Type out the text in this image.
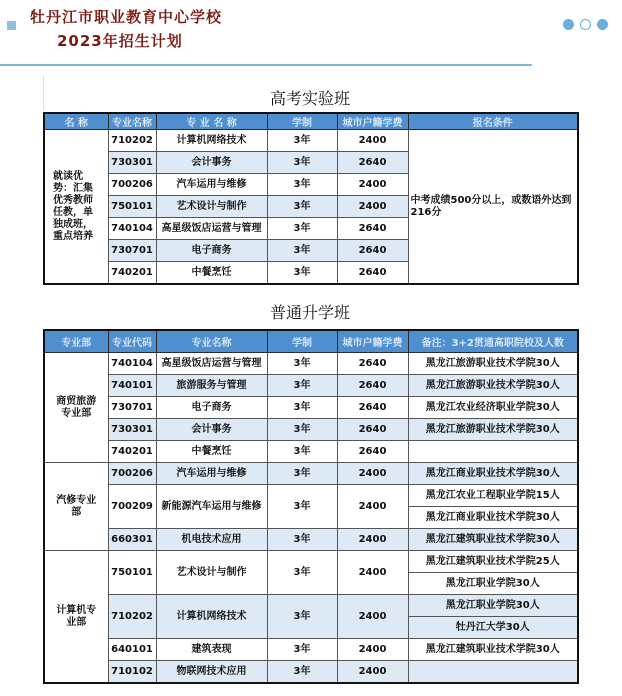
牡丹江市职业教育中心学校
2023年招生计划
高考实验班
名 称	专业名称	专 业 名 称	学制	城市户籍学费	报名条件
就读优势：汇集优秀教师任教，单独成班，重点培养	710202	计算机网络技术	3年	2400	中考成绩500分以上，或数语外达到216分
	730301	会计事务	3年	2640	
	700206	汽车运用与维修	3年	2400	
	750101	艺术设计与制作	3年	2400	
	740104	高星级饭店运营与管理	3年	2640	
	730701	电子商务	3年	2640	
	740201	中餐烹饪	3年	2640	
普通升学班
专业部	专业代码	专业名称	学制	城市户籍学费	备注：3+2贯通高职院校及人数
商贸旅游专业部	740104	高星级饭店运营与管理	3年	2640	黑龙江旅游职业技术学院30人
	740101	旅游服务与管理	3年	2640	黑龙江旅游职业技术学院30人
	730701	电子商务	3年	2640	黑龙江农业经济职业学院30人
	730301	会计事务	3年	2640	黑龙江旅游职业技术学院30人
	740201	中餐烹饪	3年	2640	
汽修专业部	700206	汽车运用与维修	3年	2400	黑龙江商业职业技术学院30人
	700209	新能源汽车运用与维修	3年	2400	黑龙江农业工程职业学院15人
					黑龙江商业职业技术学院30人
	660301	机电技术应用	3年	2400	黑龙江建筑职业技术学院30人
计算机专业部	750101	艺术设计与制作	3年	2400	黑龙江建筑职业技术学院25人
					黑龙江职业学院30人
	710202	计算机网络技术	3年	2400	黑龙江职业学院30人
					牡丹江大学30人
	640101	建筑表现	3年	2400	黑龙江建筑职业技术学院30人
	710102	物联网技术应用	3年	2400	
